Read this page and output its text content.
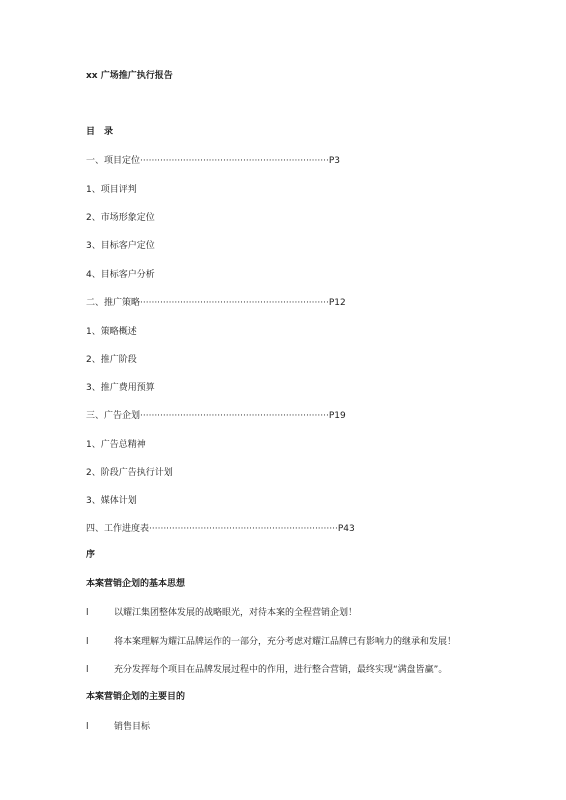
xx 广场推广执行报告
目　录
一、项目定位··································································P3
1、项目评判
2、市场形象定位
3、目标客户定位
4、目标客户分析
二、推广策略··································································P12
1、策略概述
2、推广阶段
3、推广费用预算
三、广告企划··································································P19
1、广告总精神
2、阶段广告执行计划
3、媒体计划
四、工作进度表··································································P43
序
本案营销企划的基本思想
l	以耀江集团整体发展的战略眼光，对待本案的全程营销企划！
l	将本案理解为耀江品牌运作的一部分，充分考虑对耀江品牌已有影响力的继承和发展！
l	充分发挥每个项目在品牌发展过程中的作用，进行整合营销，最终实现“满盘皆赢”。
本案营销企划的主要目的
l	销售目标
